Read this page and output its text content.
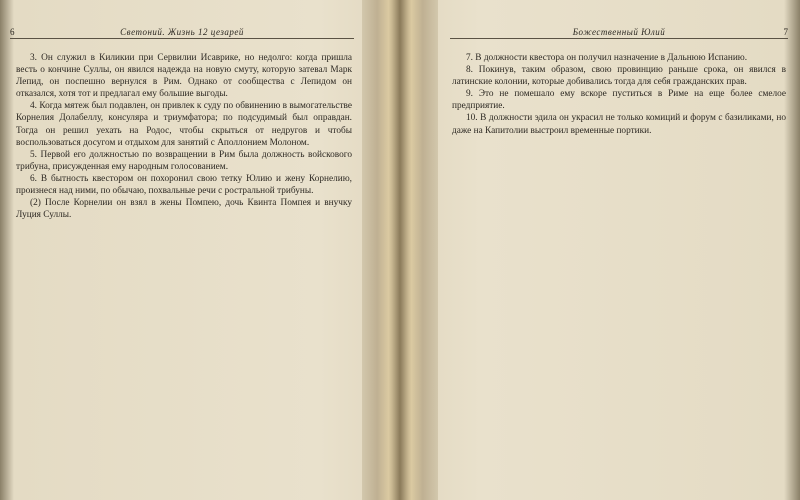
6	Светоний. Жизнь 12 цезарей

3. Он служил в Киликии при Сервилии Исаврике, но недолго: когда пришла весть о кончине Суллы, он явился надежда на новую смуту, которую затевал Марк Лепид, он поспешно вернулся в Рим. Однако от сообщества с Лепидом он отказался, хотя тот и предлагал ему большие выгоды.

4. Когда мятеж был подавлен, он привлек к суду по обвинению в вымогательстве Корнелия Долабеллу, консуляра и триумфатора; по подсудимый был оправдан. Тогда он решил уехать на Родос, чтобы скрыться от недругов и чтобы воспользоваться досугом и отдыхом для занятий с Аполлонием Молоном.

5. Первой его должностью по возвращении в Рим была должность войскового трибуна, присужденная ему народным голосованием.

6. В бытность квестором он похоронил свою тетку Юлию и жену Корнелию, произнеся над ними, по обычаю, похвальные речи с ростральной трибуны.

(2) После Корнелии он взял в жены Помпею, дочь Квинта Помпея и внучку Луция Суллы.

Божественный Юлий	7

7. В должности квестора он получил назначение в Дальнюю Испанию.

8. Покинув, таким образом, свою провинцию раньше срока, он явился в латинские колонии, которые добивались тогда для себя гражданских прав.

9. Это не помешало ему вскоре пуститься в Риме на еще более смелое предприятие.

10. В должности эдила он украсил не только комиций и форум с базиликами, но даже на Капитолии выстроил временные портики.
